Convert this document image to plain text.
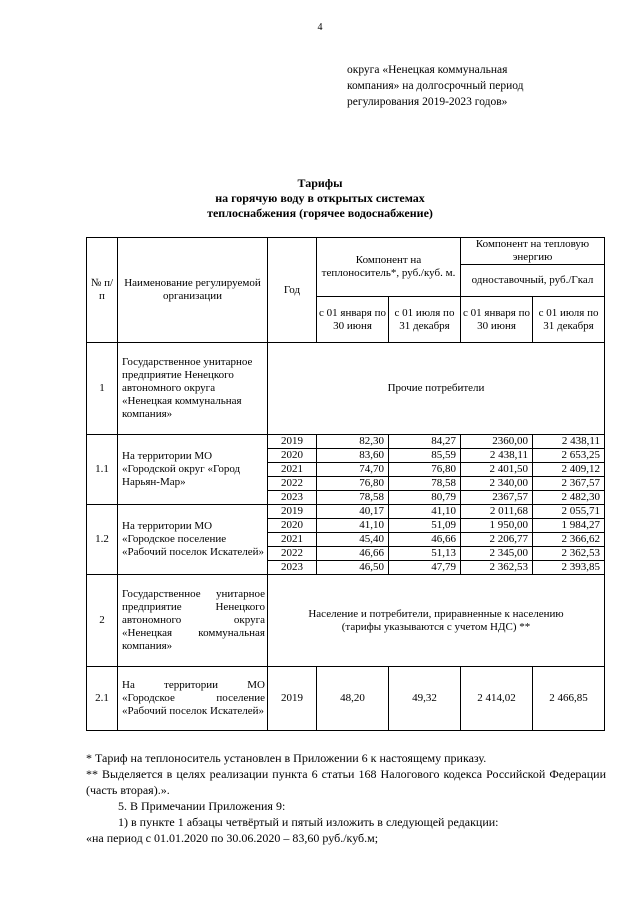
4
округа «Ненецкая коммунальная
компания» на долгосрочный период
регулирования 2019-2023 годов»
Тарифы
на горячую воду в открытых системах
теплоснабжения (горячее водоснабжение)
№ п/п	Наименование регулируемой организации	Год	Компонент на теплоноситель*, руб./куб. м.		Компонент на тепловую энергию	
					одноставочный, руб./Гкал	
			с 01 января по 30 июня	с 01 июля по 31 декабря	с 01 января по 30 июня	с 01 июля по 31 декабря
1	Государственное унитарное предприятие Ненецкого автономного округа «Ненецкая коммунальная компания»	Прочие потребители				
1.1	На территории МО «Городской округ «Город Нарьян-Мар»	2019	82,30	84,27	2360,00	2 438,11
		2020	83,60	85,59	2 438,11	2 653,25
		2021	74,70	76,80	2 401,50	2 409,12
		2022	76,80	78,58	2 340,00	2 367,57
		2023	78,58	80,79	2367,57	2 482,30
1.2	На территории МО «Городское поселение «Рабочий поселок Искателей»	2019	40,17	41,10	2 011,68	2 055,71
		2020	41,10	51,09	1 950,00	1 984,27
		2021	45,40	46,66	2 206,77	2 366,62
		2022	46,66	51,13	2 345,00	2 362,53
		2023	46,50	47,79	2 362,53	2 393,85
2	Государственное унитарное предприятие Ненецкого автономного округа «Ненецкая коммунальная компания»	Население и потребители, приравненные к населению
(тарифы указываются с учетом НДС) **				

2.1	На территории МО «Городское поселение «Рабочий поселок Искателей»	2019	48,20	49,32	2 414,02	2 466,85
* Тариф на теплоноситель установлен в Приложении 6 к настоящему приказу.
** Выделяется в целях реализации пункта 6 статьи 168 Налогового кодекса Российской Федерации (часть вторая).».
5. В Примечании Приложения 9:
1) в пункте 1 абзацы четвёртый и пятый изложить в следующей редакции:
«на период с 01.01.2020 по 30.06.2020 – 83,60 руб./куб.м;
